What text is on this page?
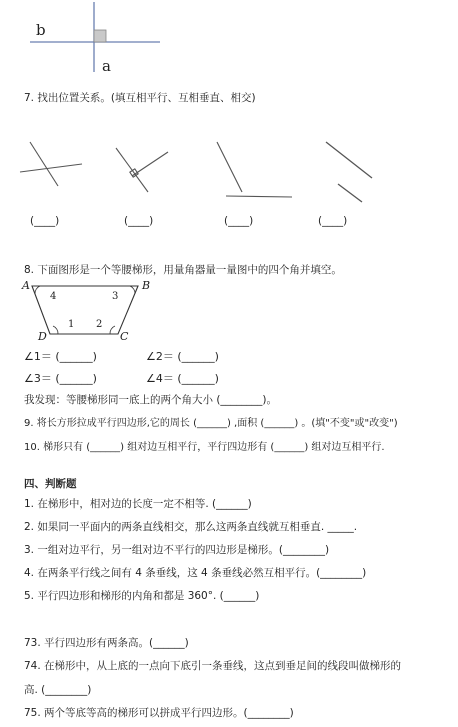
b
a
7. 找出位置关系。(填互相平行、互相垂直、相交)
(____)	(____)	(____)	(____)
8. 下面图形是一个等腰梯形，用量角器量一量图中的四个角并填空。
A	B
D	C
4	3
1 2
∠1＝ (______)	∠2＝ (______)
∠3＝ (______)	∠4＝ (______)
我发现：等腰梯形同一底上的两个角大小 (________)。
9. 将长方形拉成平行四边形,它的周长 (______) ,面积 (______) 。(填"不变"或"改变")
10. 梯形只有 (______) 组对边互相平行，平行四边形有 (______) 组对边互相平行.
四、判断题
1. 在梯形中，相对边的长度一定不相等. (______)
2. 如果同一平面内的两条直线相交，那么这两条直线就互相垂直. _____.
3. 一组对边平行，另一组对边不平行的四边形是梯形。(________)
4. 在两条平行线之间有 4 条垂线，这 4 条垂线必然互相平行。(________)
5. 平行四边形和梯形的内角和都是 360°. (______)
73. 平行四边形有两条高。(______)
74. 在梯形中，从上底的一点向下底引一条垂线，这点到垂足间的线段叫做梯形的
高. (________)
75. 两个等底等高的梯形可以拼成平行四边形。(________)
